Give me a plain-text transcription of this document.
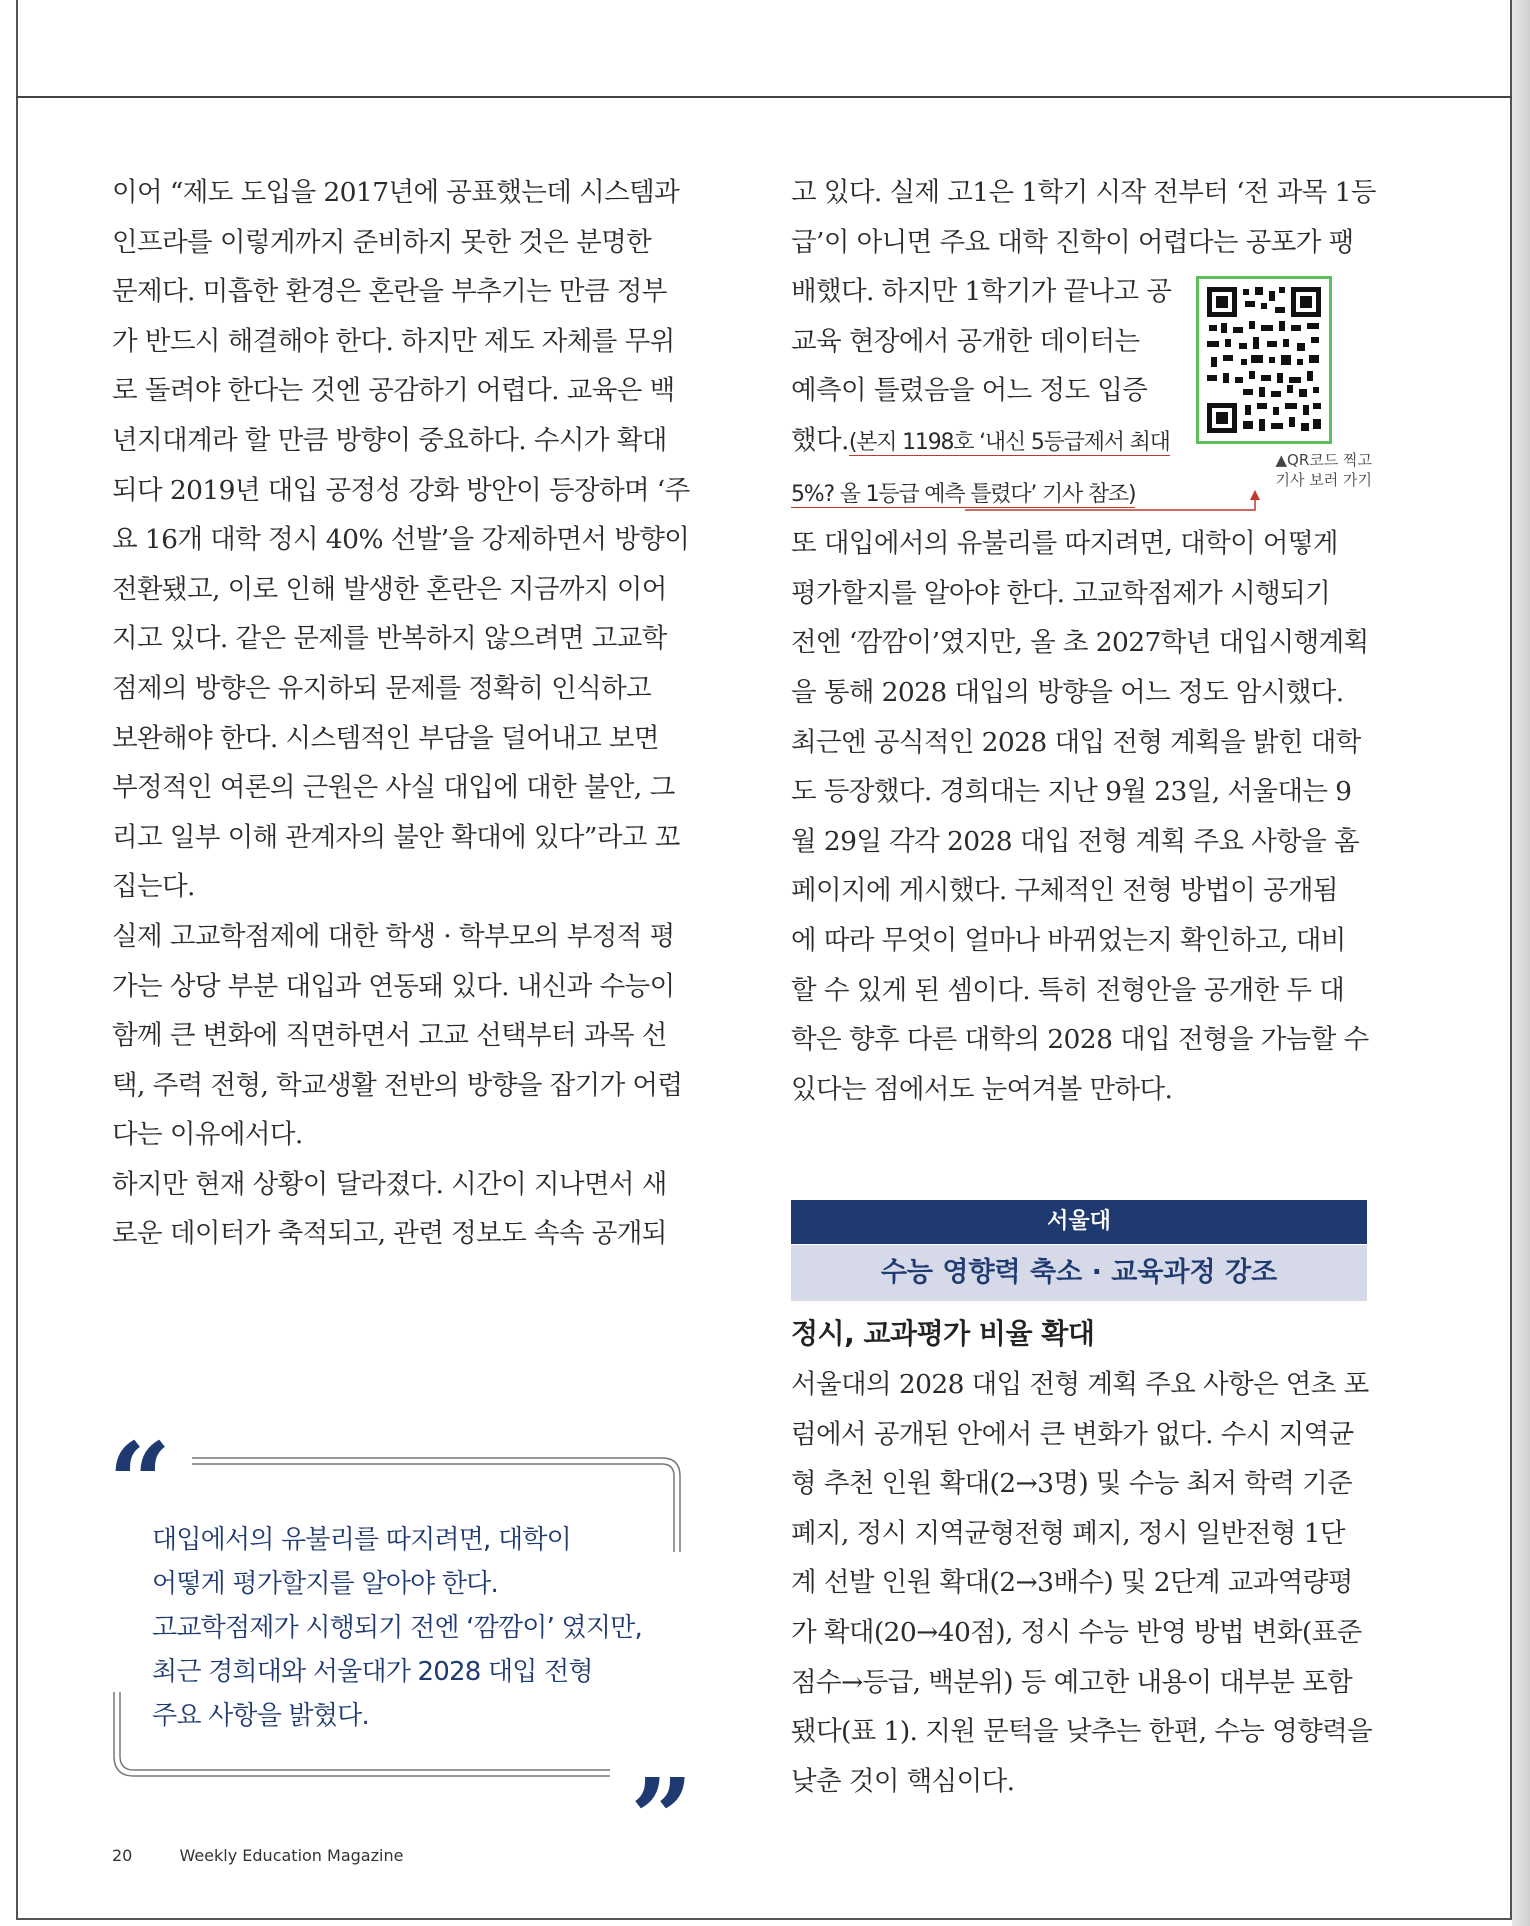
이어 “제도 도입을 2017년에 공표했는데 시스템과

인프라를 이렇게까지 준비하지 못한 것은 분명한

문제다. 미흡한 환경은 혼란을 부추기는 만큼 정부

가 반드시 해결해야 한다. 하지만 제도 자체를 무위

로 돌려야 한다는 것엔 공감하기 어렵다. 교육은 백

년지대계라 할 만큼 방향이 중요하다. 수시가 확대

되다 2019년 대입 공정성 강화 방안이 등장하며 ‘주

요 16개 대학 정시 40% 선발’을 강제하면서 방향이

전환됐고, 이로 인해 발생한 혼란은 지금까지 이어

지고 있다. 같은 문제를 반복하지 않으려면 고교학

점제의 방향은 유지하되 문제를 정확히 인식하고

보완해야 한다. 시스템적인 부담을 덜어내고 보면

부정적인 여론의 근원은 사실 대입에 대한 불안, 그

리고 일부 이해 관계자의 불안 확대에 있다”라고 꼬

집는다.

실제 고교학점제에 대한 학생 · 학부모의 부정적 평

가는 상당 부분 대입과 연동돼 있다. 내신과 수능이

함께 큰 변화에 직면하면서 고교 선택부터 과목 선

택, 주력 전형, 학교생활 전반의 방향을 잡기가 어렵

다는 이유에서다.

하지만 현재 상황이 달라졌다. 시간이 지나면서 새

로운 데이터가 축적되고, 관련 정보도 속속 공개되

고 있다. 실제 고1은 1학기 시작 전부터 ‘전 과목 1등

급’이 아니면 주요 대학 진학이 어렵다는 공포가 팽

배했다. 하지만 1학기가 끝나고 공

교육 현장에서 공개한 데이터는

예측이 틀렸음을 어느 정도 입증

했다.(본지 1198호 ‘내신 5등급제서 최대

5%? 올 1등급 예측 틀렸다’ 기사 참조)

또 대입에서의 유불리를 따지려면, 대학이 어떻게

평가할지를 알아야 한다. 고교학점제가 시행되기

전엔 ‘깜깜이’였지만, 올 초 2027학년 대입시행계획

을 통해 2028 대입의 방향을 어느 정도 암시했다.

최근엔 공식적인 2028 대입 전형 계획을 밝힌 대학

도 등장했다. 경희대는 지난 9월 23일, 서울대는 9

월 29일 각각 2028 대입 전형 계획 주요 사항을 홈

페이지에 게시했다. 구체적인 전형 방법이 공개됨

에 따라 무엇이 얼마나 바뀌었는지 확인하고, 대비

할 수 있게 된 셈이다. 특히 전형안을 공개한 두 대

학은 향후 다른 대학의 2028 대입 전형을 가늠할 수

있다는 점에서도 눈여겨볼 만하다.

▲QR코드 찍고
기사 보러 가기
서울대
수능 영향력 축소 · 교육과정 강조
정시, 교과평가 비율 확대

서울대의 2028 대입 전형 계획 주요 사항은 연초 포

럼에서 공개된 안에서 큰 변화가 없다. 수시 지역균

형 추천 인원 확대(2→3명) 및 수능 최저 학력 기준

폐지, 정시 지역균형전형 폐지, 정시 일반전형 1단

계 선발 인원 확대(2→3배수) 및 2단계 교과역량평

가 확대(20→40점), 정시 수능 반영 방법 변화(표준

점수→등급, 백분위) 등 예고한 내용이 대부분 포함

됐다(표 1). 지원 문턱을 낮추는 한편, 수능 영향력을

낮춘 것이 핵심이다.

“

대입에서의 유불리를 따지려면, 대학이

어떻게 평가할지를 알아야 한다.

고교학점제가 시행되기 전엔 ‘깜깜이’ 였지만,

최근 경희대와 서울대가 2028 대입 전형

주요 사항을 밝혔다.

”
20	Weekly Education Magazine
